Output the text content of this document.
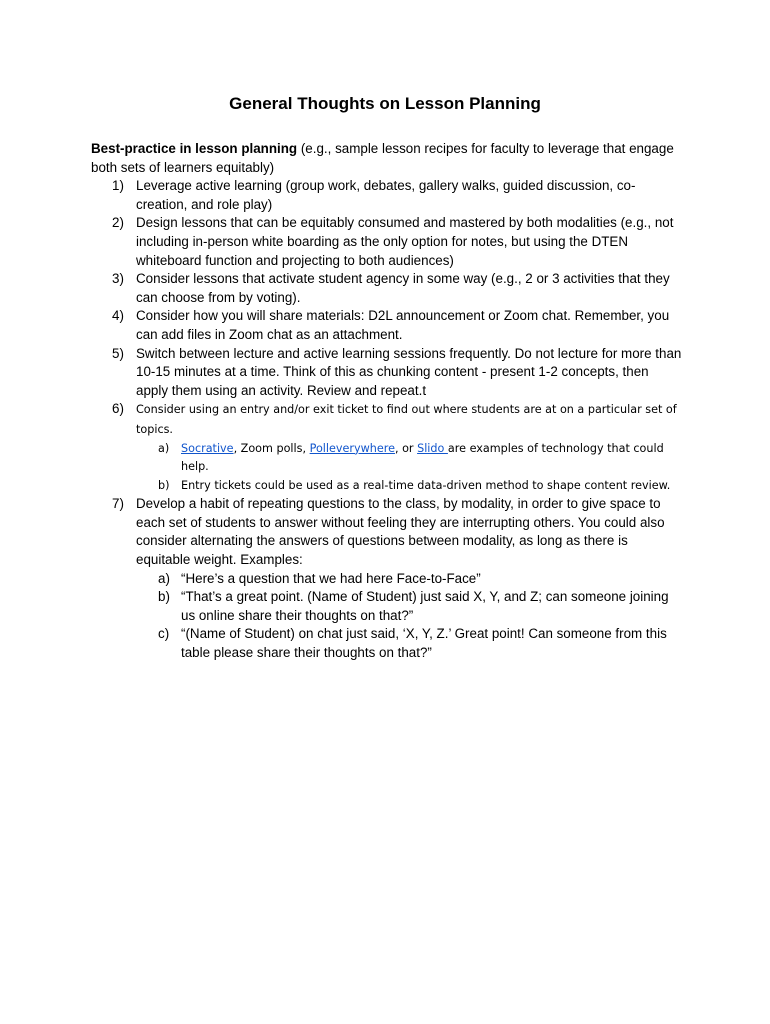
General Thoughts on Lesson Planning
Best-practice in lesson planning (e.g., sample lesson recipes for faculty to leverage that engage both sets of learners equitably)
1) Leverage active learning (group work, debates, gallery walks, guided discussion, co-creation, and role play)
2) Design lessons that can be equitably consumed and mastered by both modalities (e.g., not including in-person white boarding as the only option for notes, but using the DTEN whiteboard function and projecting to both audiences)
3) Consider lessons that activate student agency in some way (e.g., 2 or 3 activities that they can choose from by voting).
4) Consider how you will share materials: D2L announcement or Zoom chat. Remember, you can add files in Zoom chat as an attachment.
5) Switch between lecture and active learning sessions frequently. Do not lecture for more than 10-15 minutes at a time. Think of this as chunking content - present 1-2 concepts, then apply them using an activity. Review and repeat.t
6) Consider using an entry and/or exit ticket to find out where students are at on a particular set of topics.
a) Socrative, Zoom polls, Polleverywhere, or Slido are examples of technology that could help.
b) Entry tickets could be used as a real-time data-driven method to shape content review.
7) Develop a habit of repeating questions to the class, by modality, in order to give space to each set of students to answer without feeling they are interrupting others. You could also consider alternating the answers of questions between modality, as long as there is equitable weight. Examples:
a) “Here’s a question that we had here Face-to-Face”
b) “That’s a great point. (Name of Student) just said X, Y, and Z; can someone joining us online share their thoughts on that?”
c) “(Name of Student) on chat just said, ‘X, Y, Z.’ Great point! Can someone from this table please share their thoughts on that?”
